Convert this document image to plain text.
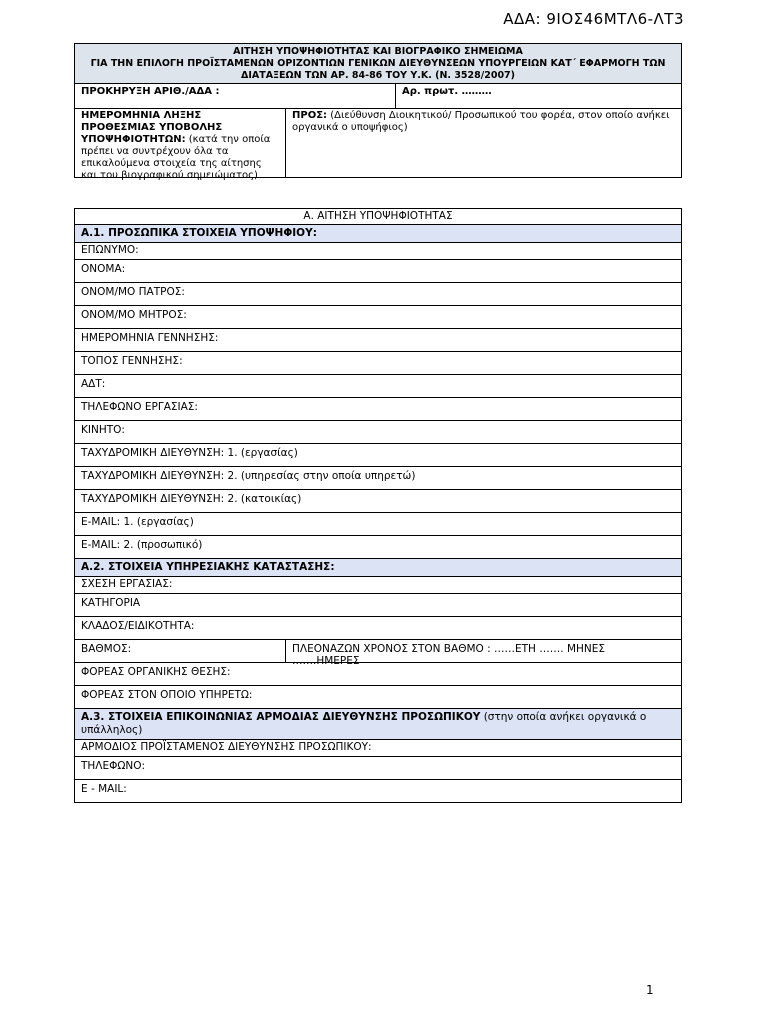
ΑΔΑ: 9ΙΟΣ46ΜΤΛ6-ΛΤ3
ΑΙΤΗΣΗ ΥΠΟΨΗΦΙΟΤΗΤΑΣ ΚΑΙ ΒΙΟΓΡΑΦΙΚΟ ΣΗΜΕΙΩΜΑ
ΓΙΑ ΤΗΝ ΕΠΙΛΟΓΗ ΠΡΟΪΣΤΑΜΕΝΩΝ ΟΡΙΖΟΝΤΙΩΝ ΓΕΝΙΚΩΝ ΔΙΕΥΘΥΝΣΕΩΝ ΥΠΟΥΡΓΕΙΩΝ ΚΑΤ΄ ΕΦΑΡΜΟΓΗ ΤΩΝ
ΔΙΑΤΑΞΕΩΝ ΤΩΝ ΑΡ. 84-86 ΤΟΥ Υ.Κ. (Ν. 3528/2007)
ΠΡΟΚΗΡΥΞΗ ΑΡΙΘ./ΑΔΑ :	Αρ. πρωτ. ………
ΗΜΕΡΟΜΗΝΙΑ ΛΗΞΗΣ ΠΡΟΘΕΣΜΙΑΣ ΥΠΟΒΟΛΗΣ ΥΠΟΨΗΦΙΟΤΗΤΩΝ: (κατά την οποία πρέπει να συντρέχουν όλα τα επικαλούμενα στοιχεία της αίτησης και του βιογραφικού σημειώματος)
ΠΡΟΣ: (Διεύθυνση Διοικητικού/ Προσωπικού του φορέα, στον οποίο ανήκει οργανικά ο υποψήφιος)
Α. ΑΙΤΗΣΗ ΥΠΟΨΗΦΙΟΤΗΤΑΣ
Α.1. ΠΡΟΣΩΠΙΚΑ ΣΤΟΙΧΕΙΑ ΥΠΟΨΗΦΙΟΥ:
ΕΠΩΝΥΜΟ:
ΟΝΟΜΑ:
ΟΝΟΜ/ΜΟ ΠΑΤΡΟΣ:
ΟΝΟΜ/ΜΟ ΜΗΤΡΟΣ:
ΗΜΕΡΟΜΗΝΙΑ ΓΕΝΝΗΣΗΣ:
ΤΟΠΟΣ ΓΕΝΝΗΣΗΣ:
ΑΔΤ:
ΤΗΛΕΦΩΝΟ ΕΡΓΑΣΙΑΣ:
ΚΙΝΗΤΟ:
ΤΑΧΥΔΡΟΜΙΚΗ ΔΙΕΥΘΥΝΣΗ: 1. (εργασίας)
ΤΑΧΥΔΡΟΜΙΚΗ ΔΙΕΥΘΥΝΣΗ: 2. (υπηρεσίας στην οποία υπηρετώ)
ΤΑΧΥΔΡΟΜΙΚΗ ΔΙΕΥΘΥΝΣΗ: 2. (κατοικίας)
E-MAIL: 1. (εργασίας)
E-MAIL: 2. (προσωπικό)
Α.2. ΣΤΟΙΧΕΙΑ ΥΠΗΡΕΣΙΑΚΗΣ ΚΑΤΑΣΤΑΣΗΣ:
ΣΧΕΣΗ ΕΡΓΑΣΙΑΣ:
ΚΑΤΗΓΟΡΙΑ
ΚΛΑΔΟΣ/ΕΙΔΙΚΟΤΗΤΑ:
ΒΑΘΜΟΣ:	ΠΛΕΟΝΑΖΩΝ ΧΡΟΝΟΣ ΣΤΟΝ ΒΑΘΜΟ : ……ΕΤΗ ……. ΜΗΝΕΣ …….ΗΜΕΡΕΣ
ΦΟΡΕΑΣ ΟΡΓΑΝΙΚΗΣ ΘΕΣΗΣ:
ΦΟΡΕΑΣ ΣΤΟΝ ΟΠΟΙΟ ΥΠΗΡΕΤΩ:
Α.3. ΣΤΟΙΧΕΙΑ ΕΠΙΚΟΙΝΩΝΙΑΣ ΑΡΜΟΔΙΑΣ ΔΙΕΥΘΥΝΣΗΣ ΠΡΟΣΩΠΙΚΟΥ (στην οποία ανήκει οργανικά ο υπάλληλος)
ΑΡΜΟΔΙΟΣ ΠΡΟΪΣΤΑΜΕΝΟΣ ΔΙΕΥΘΥΝΣΗΣ ΠΡΟΣΩΠΙΚΟΥ:
ΤΗΛΕΦΩΝΟ:
Ε - MAIL:
1
